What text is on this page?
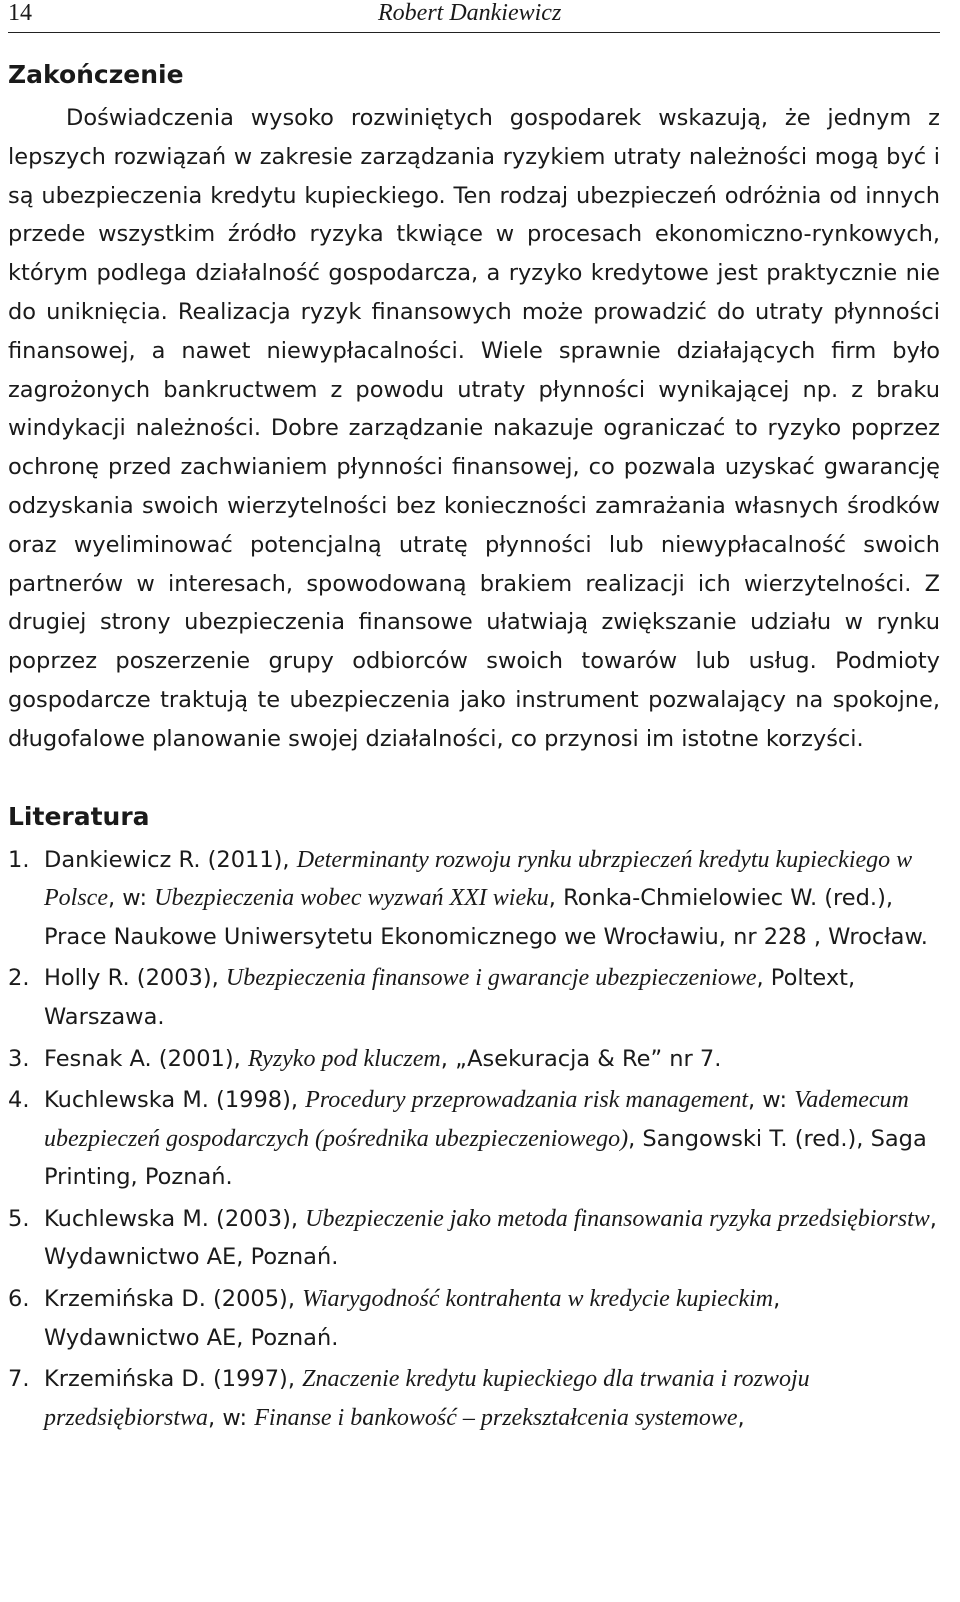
14	Robert Dankiewicz
Zakończenie

Doświadczenia wysoko rozwiniętych gospodarek wskazują, że jednym z lepszych rozwiązań w zakresie zarządzania ryzykiem utraty należności mogą być i są ubezpieczenia kredytu kupieckiego. Ten rodzaj ubezpieczeń odróżnia od innych przede wszystkim źródło ryzyka tkwiące w procesach ekonomiczno-rynkowych, którym podlega działalność gospodarcza, a ryzyko kredytowe jest praktycznie nie do uniknięcia. Realizacja ryzyk finansowych może prowadzić do utraty płynności finansowej, a nawet niewypłacalności. Wiele sprawnie działających firm było zagrożonych bankructwem z powodu utraty płynności wynikającej np. z braku windykacji należności. Dobre zarządzanie nakazuje ograniczać to ryzyko poprzez ochronę przed zachwianiem płynności finansowej, co pozwala uzyskać gwarancję odzyskania swoich wierzytelności bez konieczności zamrażania własnych środków oraz wyeliminować potencjalną utratę płynności lub niewypłacalność swoich partnerów w interesach, spowodowaną brakiem realizacji ich wierzytelności. Z drugiej strony ubezpieczenia finansowe ułatwiają zwiększanie udziału w rynku poprzez poszerzenie grupy odbiorców swoich towarów lub usług. Podmioty gospodarcze traktują te ubezpieczenia jako instrument pozwalający na spokojne, długofalowe planowanie swojej działalności, co przynosi im istotne korzyści.

Literatura
1. Dankiewicz R. (2011), Determinanty rozwoju rynku ubrzpieczeń kredytu kupieckiego w Polsce, w: Ubezpieczenia wobec wyzwań XXI wieku, Ronka-Chmielowiec W. (red.), Prace Naukowe Uniwersytetu Ekonomicznego we Wrocławiu, nr 228 , Wrocław.
2. Holly R. (2003), Ubezpieczenia finansowe i gwarancje ubezpieczeniowe, Poltext, Warszawa.
3. Fesnak A. (2001), Ryzyko pod kluczem, „Asekuracja & Re” nr 7.
4. Kuchlewska M. (1998), Procedury przeprowadzania risk management, w: Vademecum ubezpieczeń gospodarczych (pośrednika ubezpieczeniowego), Sangowski T. (red.), Saga Printing, Poznań.
5. Kuchlewska M. (2003), Ubezpieczenie jako metoda finansowania ryzyka przedsiębiorstw, Wydawnictwo AE, Poznań.
6. Krzemińska D. (2005), Wiarygodność kontrahenta w kredycie kupieckim, Wydawnictwo AE, Poznań.
7. Krzemińska D. (1997), Znaczenie kredytu kupieckiego dla trwania i rozwoju przedsiębiorstwa, w: Finanse i bankowość – przekształcenia systemowe,
